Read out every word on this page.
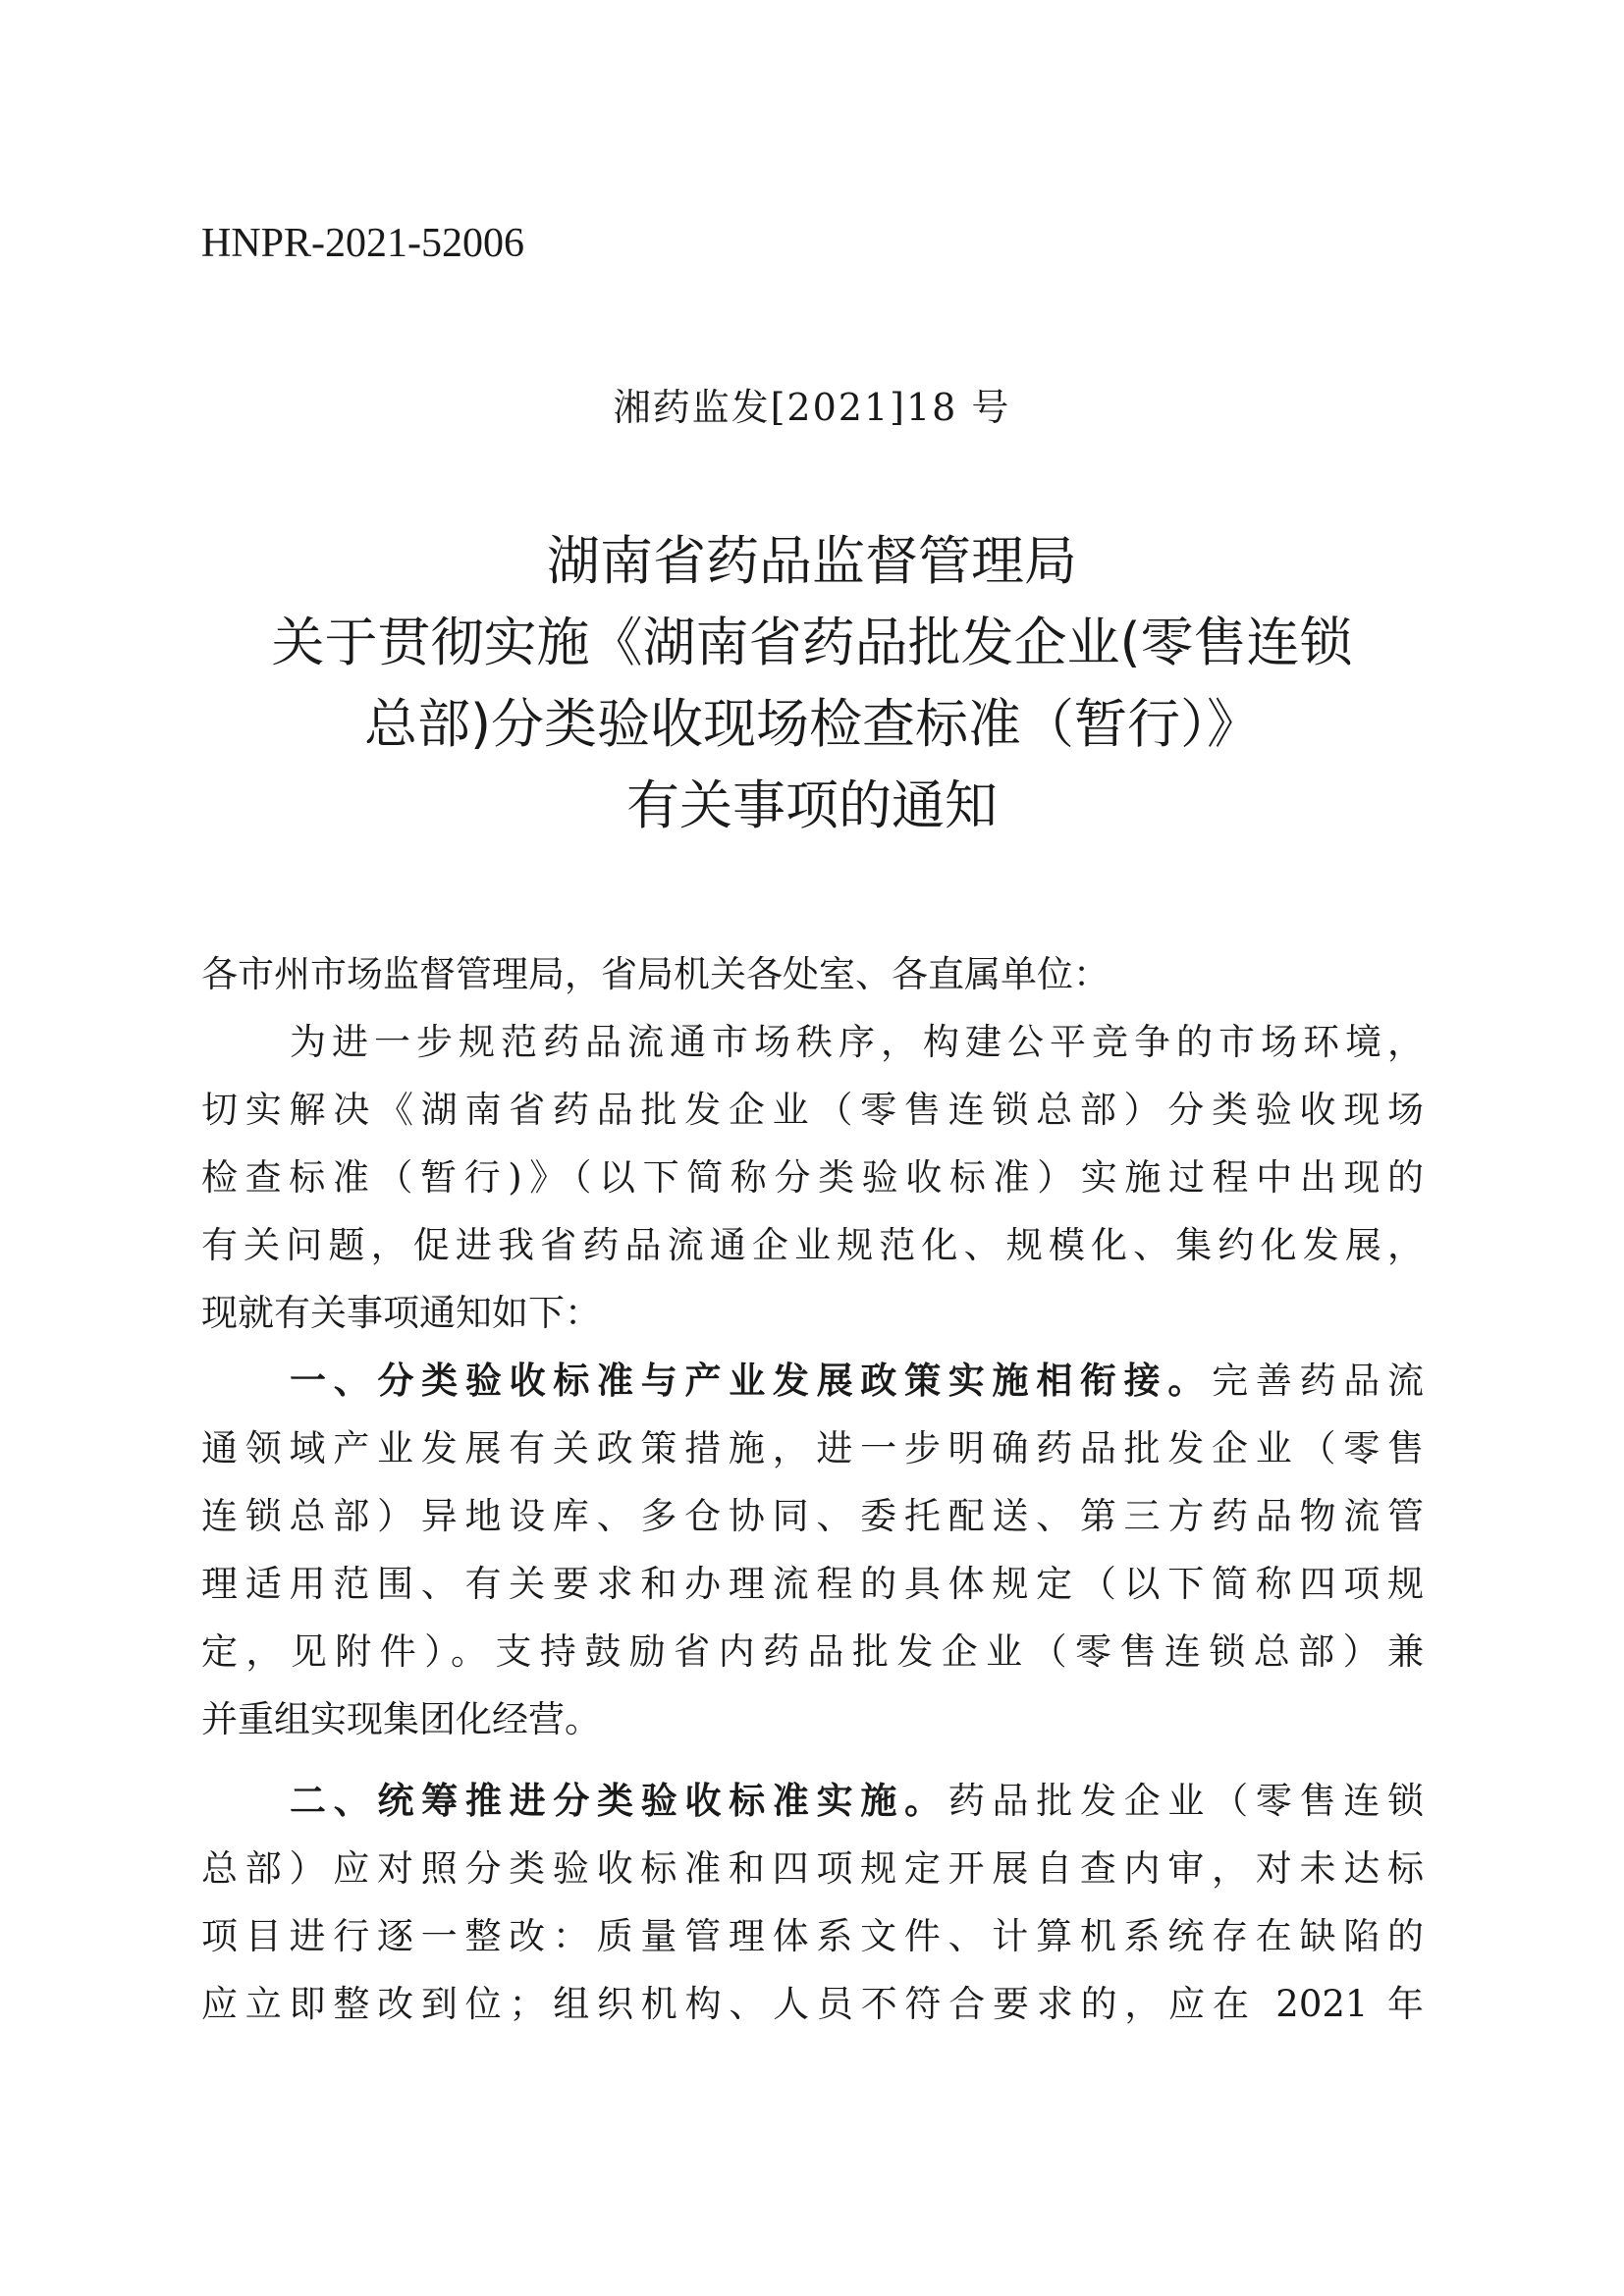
HNPR-2021-52006
湘药监发[2021]18 号
湖南省药品监督管理局
关于贯彻实施《湖南省药品批发企业(零售连锁
总部)分类验收现场检查标准（暂行）》
有关事项的通知
各市州市场监督管理局，省局机关各处室、各直属单位：
为进一步规范药品流通市场秩序，构建公平竞争的市场环境，
切实解决《湖南省药品批发企业（零售连锁总部）分类验收现场
检查标准（暂行)》（以下简称分类验收标准）实施过程中出现的
有关问题，促进我省药品流通企业规范化、规模化、集约化发展，
现就有关事项通知如下：
一、分类验收标准与产业发展政策实施相衔接。完善药品流
通领域产业发展有关政策措施，进一步明确药品批发企业（零售
连锁总部）异地设库、多仓协同、委托配送、第三方药品物流管
理适用范围、有关要求和办理流程的具体规定（以下简称四项规
定，见附件）。支持鼓励省内药品批发企业（零售连锁总部）兼
并重组实现集团化经营。
二、统筹推进分类验收标准实施。药品批发企业（零售连锁
总部）应对照分类验收标准和四项规定开展自查内审，对未达标
项目进行逐一整改：质量管理体系文件、计算机系统存在缺陷的
应立即整改到位；组织机构、人员不符合要求的，应在 2021 年
